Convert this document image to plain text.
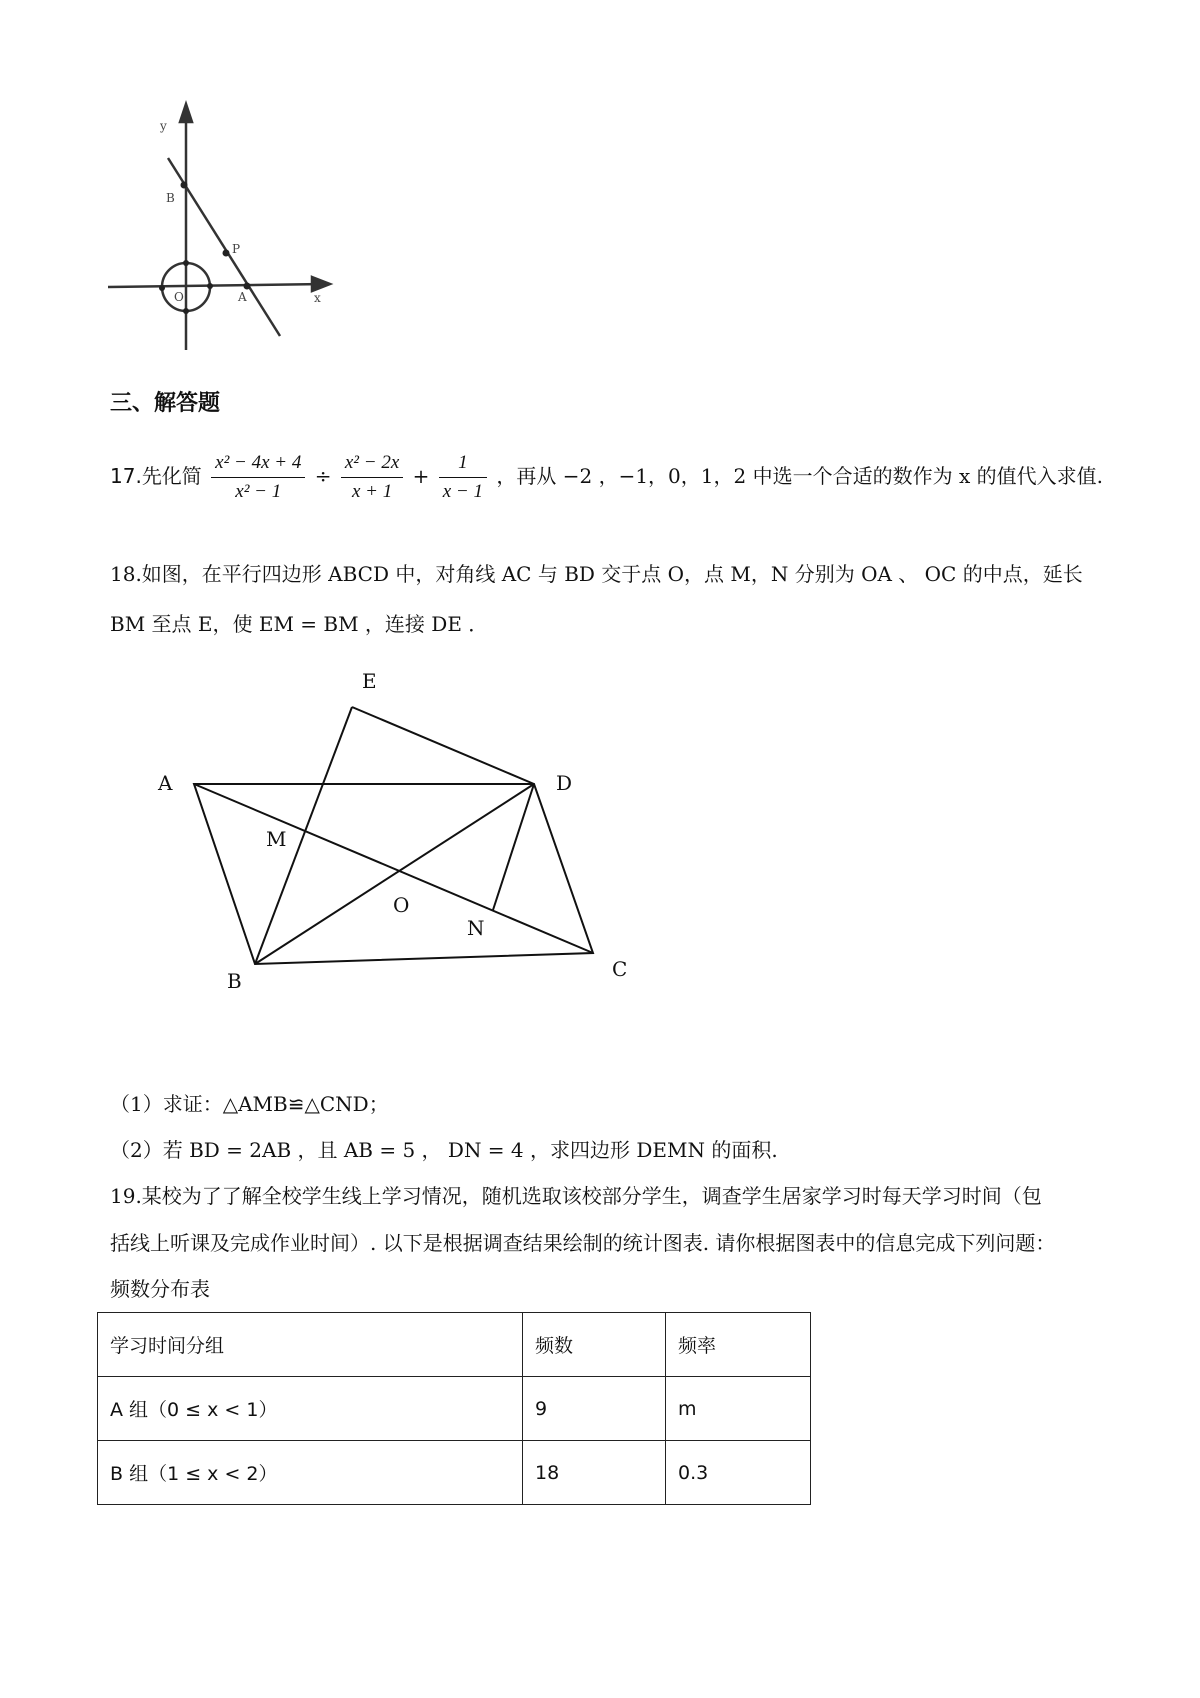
y
B
P
O	A	x
三、解答题
17.先化简 $\frac{\text{x² − 4x + 4}}{\text{x² − 1}} \div \frac{\text{x² − 2x}}{x + 1} + \frac{1}{x - 1}$ ，再从 −2 ，−1，0，1，2 中选一个合适的数作为 x 的值代入求值.
18.如图，在平行四边形 ABCD 中，对角线 AC 与 BD 交于点 O，点 M，N 分别为 OA 、 OC 的中点，延长
BM 至点 E，使 EM = BM ，连接 DE ．
E
A	D
M
O
N
B	C
（1）求证：△AMB≌△CND；
（2）若 BD = 2AB ，且 AB = 5 ， DN = 4 ，求四边形 DEMN 的面积.
19.某校为了了解全校学生线上学习情况，随机选取该校部分学生，调查学生居家学习时每天学习时间（包
括线上听课及完成作业时间）. 以下是根据调查结果绘制的统计图表. 请你根据图表中的信息完成下列问题：
频数分布表
学习时间分组	频数	频率
A 组（0 ≤ x < 1）	9	m
B 组（1 ≤ x < 2）	18	0.3
